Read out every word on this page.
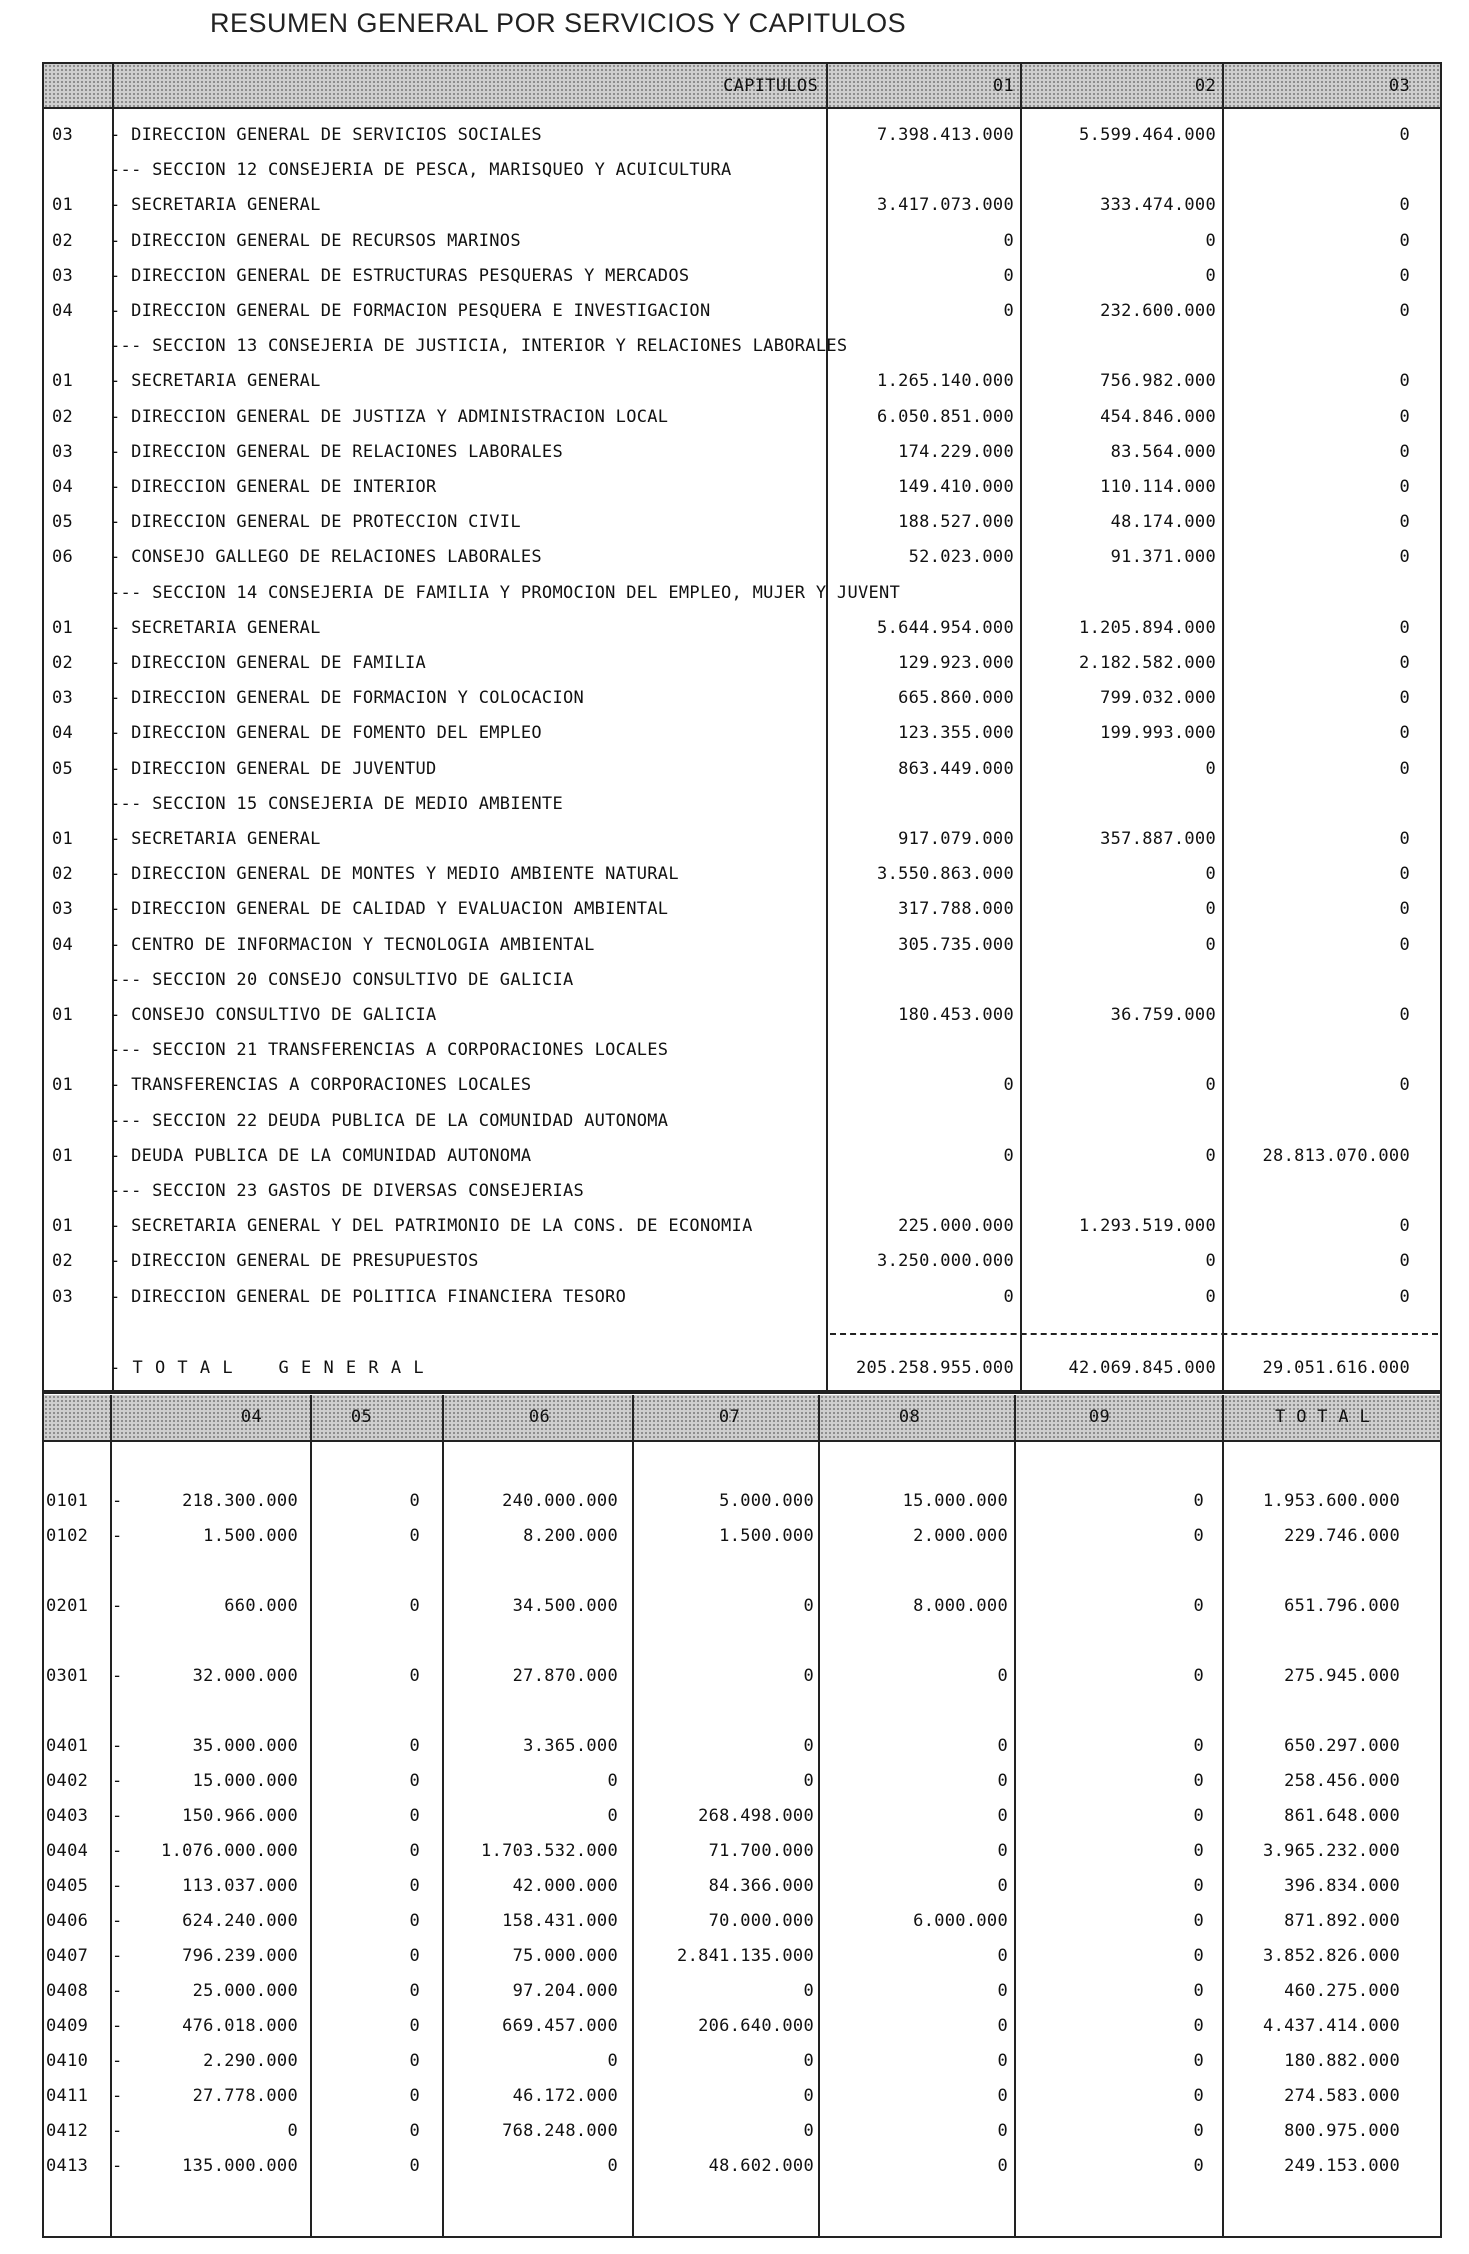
RESUMEN GENERAL POR SERVICIOS Y CAPITULOS
CAPITULOS	01	02	03
03 - DIRECCION GENERAL DE SERVICIOS SOCIALES	7.398.413.000	5.599.464.000	0
--- SECCION 12 CONSEJERIA DE PESCA, MARISQUEO Y ACUICULTURA
01 - SECRETARIA GENERAL	3.417.073.000	333.474.000	0
02 - DIRECCION GENERAL DE RECURSOS MARINOS	0	0	0
03 - DIRECCION GENERAL DE ESTRUCTURAS PESQUERAS Y MERCADOS	0	0	0
04 - DIRECCION GENERAL DE FORMACION PESQUERA E INVESTIGACION	0	232.600.000	0
--- SECCION 13 CONSEJERIA DE JUSTICIA, INTERIOR Y RELACIONES LABORALES
01 - SECRETARIA GENERAL	1.265.140.000	756.982.000	0
02 - DIRECCION GENERAL DE JUSTIZA Y ADMINISTRACION LOCAL	6.050.851.000	454.846.000	0
03 - DIRECCION GENERAL DE RELACIONES LABORALES	174.229.000	83.564.000	0
04 - DIRECCION GENERAL DE INTERIOR	149.410.000	110.114.000	0
05 - DIRECCION GENERAL DE PROTECCION CIVIL	188.527.000	48.174.000	0
06 - CONSEJO GALLEGO DE RELACIONES LABORALES	52.023.000	91.371.000	0
--- SECCION 14 CONSEJERIA DE FAMILIA Y PROMOCION DEL EMPLEO, MUJER Y JUVENT
01 - SECRETARIA GENERAL	5.644.954.000	1.205.894.000	0
02 - DIRECCION GENERAL DE FAMILIA	129.923.000	2.182.582.000	0
03 - DIRECCION GENERAL DE FORMACION Y COLOCACION	665.860.000	799.032.000	0
04 - DIRECCION GENERAL DE FOMENTO DEL EMPLEO	123.355.000	199.993.000	0
05 - DIRECCION GENERAL DE JUVENTUD	863.449.000	0	0
--- SECCION 15 CONSEJERIA DE MEDIO AMBIENTE
01 - SECRETARIA GENERAL	917.079.000	357.887.000	0
02 - DIRECCION GENERAL DE MONTES Y MEDIO AMBIENTE NATURAL	3.550.863.000	0	0
03 - DIRECCION GENERAL DE CALIDAD Y EVALUACION AMBIENTAL	317.788.000	0	0
04 - CENTRO DE INFORMACION Y TECNOLOGIA AMBIENTAL	305.735.000	0	0
--- SECCION 20 CONSEJO CONSULTIVO DE GALICIA
01 - CONSEJO CONSULTIVO DE GALICIA	180.453.000	36.759.000	0
--- SECCION 21 TRANSFERENCIAS A CORPORACIONES LOCALES
01 - TRANSFERENCIAS A CORPORACIONES LOCALES	0	0	0
--- SECCION 22 DEUDA PUBLICA DE LA COMUNIDAD AUTONOMA
01 - DEUDA PUBLICA DE LA COMUNIDAD AUTONOMA	0	0	28.813.070.000
--- SECCION 23 GASTOS DE DIVERSAS CONSEJERIAS
01 - SECRETARIA GENERAL Y DEL PATRIMONIO DE LA CONS. DE ECONOMIA	225.000.000	1.293.519.000	0
02 - DIRECCION GENERAL DE PRESUPUESTOS	3.250.000.000	0	0
03 - DIRECCION GENERAL DE POLITICA FINANCIERA TESORO	0	0	0
- T O T A L    G E N E R A L	205.258.955.000	42.069.845.000	29.051.616.000
04	05	06	07	08	09	T O T A L
0101 -	218.300.000	0	240.000.000	5.000.000	15.000.000	0	1.953.600.000
0102 -	1.500.000	0	8.200.000	1.500.000	2.000.000	0	229.746.000
0201 -	660.000	0	34.500.000	0	8.000.000	0	651.796.000
0301 -	32.000.000	0	27.870.000	0	0	0	275.945.000
0401 -	35.000.000	0	3.365.000	0	0	0	650.297.000
0402 -	15.000.000	0	0	0	0	0	258.456.000
0403 -	150.966.000	0	0	268.498.000	0	0	861.648.000
0404 -	1.076.000.000	0	1.703.532.000	71.700.000	0	0	3.965.232.000
0405 -	113.037.000	0	42.000.000	84.366.000	0	0	396.834.000
0406 -	624.240.000	0	158.431.000	70.000.000	6.000.000	0	871.892.000
0407 -	796.239.000	0	75.000.000	2.841.135.000	0	0	3.852.826.000
0408 -	25.000.000	0	97.204.000	0	0	0	460.275.000
0409 -	476.018.000	0	669.457.000	206.640.000	0	0	4.437.414.000
0410 -	2.290.000	0	0	0	0	0	180.882.000
0411 -	27.778.000	0	46.172.000	0	0	0	274.583.000
0412 -	0	0	768.248.000	0	0	0	800.975.000
0413 -	135.000.000	0	0	48.602.000	0	0	249.153.000
